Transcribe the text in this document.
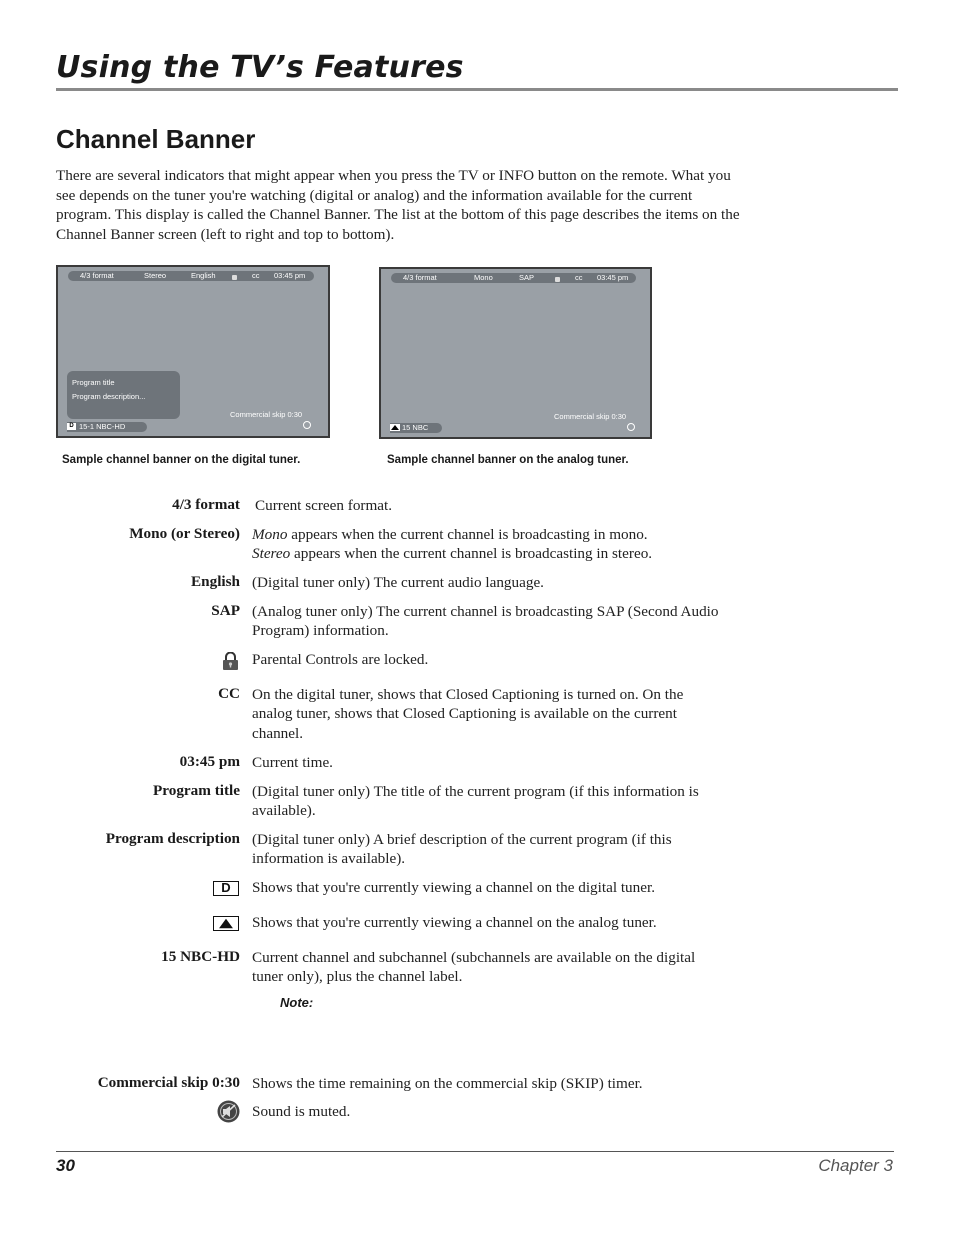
Using the TV’s Features
Channel Banner
There are several indicators that might appear when you press the TV or INFO button on the remote. What you see depends on the tuner you're watching (digital or analog) and the information available for the current program. This display is called the Channel Banner. The list at the bottom of this page describes the items on the Channel Banner screen (left to right and top to bottom).
4/3 format	Stereo	English	cc 03:45 pm
Program title
Program description...
Commercial skip 0:30
D 15-1 NBC-HD
Sample channel banner on the digital tuner.
4/3 format	Mono	SAP	cc 03:45 pm
Commercial skip 0:30
15 NBC
Sample channel banner on the analog tuner.
4/3 format Current screen format.
Mono (or Stereo) Mono appears when the current channel is broadcasting in mono.
Stereo appears when the current channel is broadcasting in stereo.
English (Digital tuner only) The current audio language.
SAP (Analog tuner only) The current channel is broadcasting SAP (Second Audio Program) information.
Parental Controls are locked.
CC On the digital tuner, shows that Closed Captioning is turned on. On the analog tuner, shows that Closed Captioning is available on the current channel.
03:45 pm Current time.
Program title (Digital tuner only) The title of the current program (if this information is available).
Program description (Digital tuner only) A brief description of the current program (if this information is available).
D	Shows that you're currently viewing a channel on the digital tuner.
Shows that you're currently viewing a channel on the analog tuner.
15 NBC-HD Current channel and subchannel (subchannels are available on the digital tuner only), plus the channel label.
Note:
Commercial skip 0:30 Shows the time remaining on the commercial skip (SKIP) timer.
Sound is muted.
30	Chapter 3
